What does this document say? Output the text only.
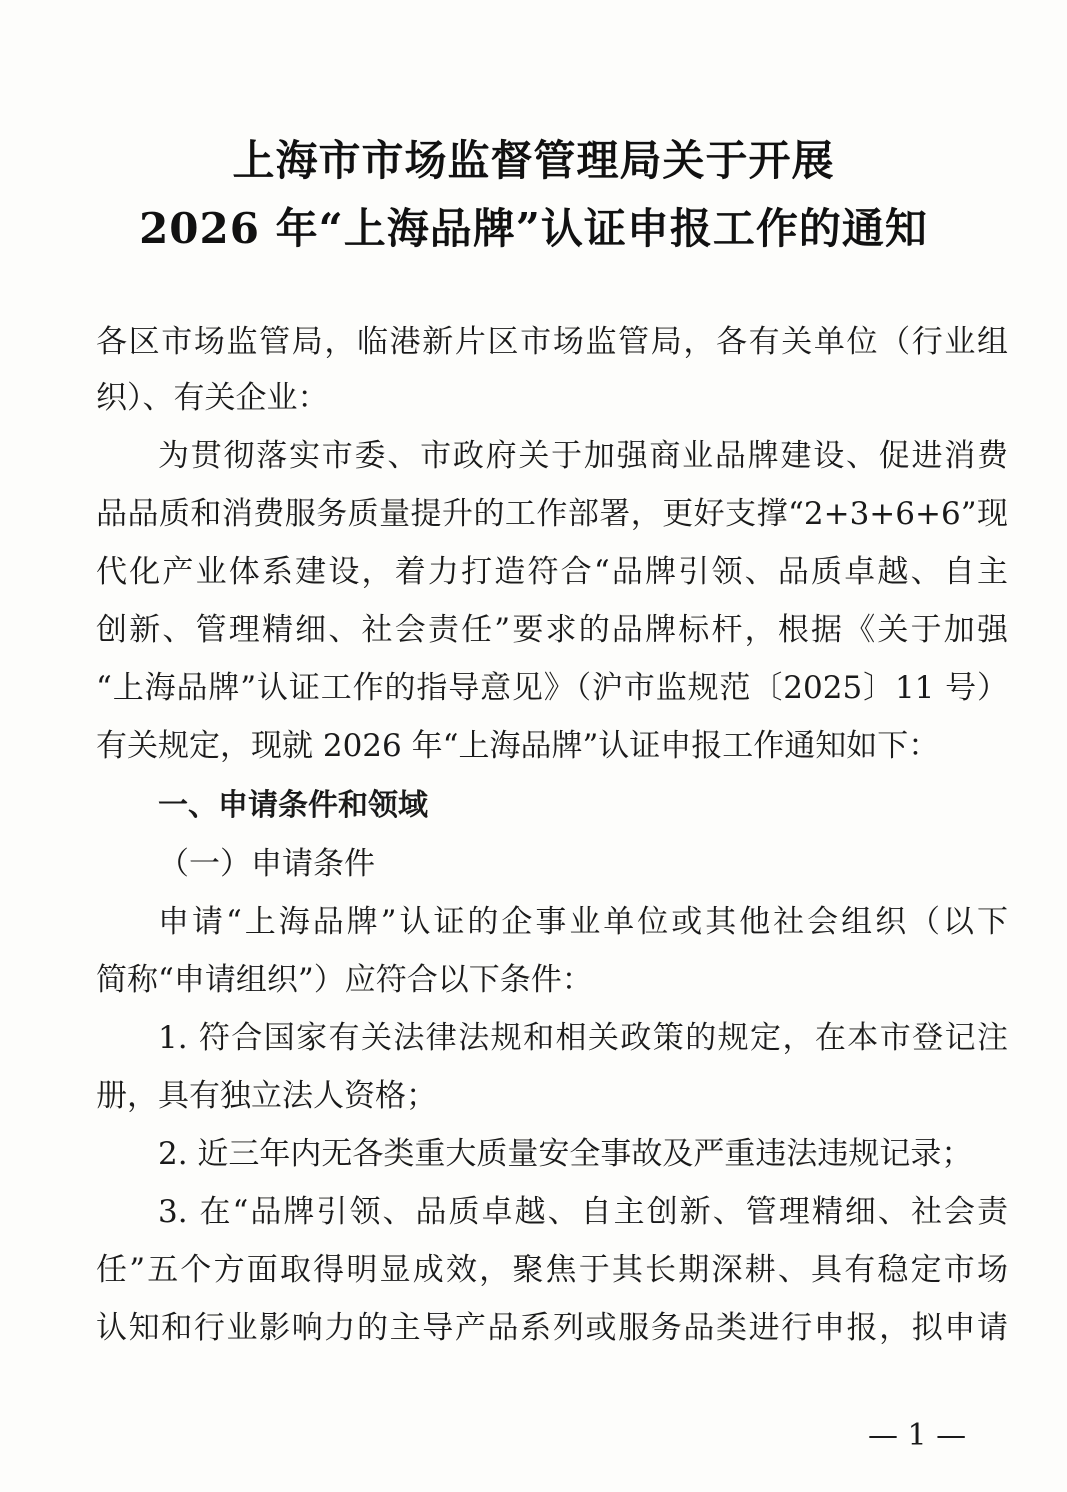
上海市市场监督管理局关于开展
2026 年“上海品牌”认证申报工作的通知
各区市场监管局，临港新片区市场监管局，各有关单位（行业组
织）、有关企业：
为贯彻落实市委、市政府关于加强商业品牌建设、促进消费
品品质和消费服务质量提升的工作部署，更好支撑“2+3+6+6”现
代化产业体系建设，着力打造符合“品牌引领、品质卓越、自主
创新、管理精细、社会责任”要求的品牌标杆，根据《关于加强
“上海品牌”认证工作的指导意见》（沪市监规范〔2025〕11 号）
有关规定，现就 2026 年“上海品牌”认证申报工作通知如下：
一、申请条件和领域
（一）申请条件
申请“上海品牌”认证的企事业单位或其他社会组织（以下
简称“申请组织”）应符合以下条件：
1. 符合国家有关法律法规和相关政策的规定，在本市登记注
册，具有独立法人资格；
2. 近三年内无各类重大质量安全事故及严重违法违规记录；
3. 在“品牌引领、品质卓越、自主创新、管理精细、社会责
任”五个方面取得明显成效，聚焦于其长期深耕、具有稳定市场
认知和行业影响力的主导产品系列或服务品类进行申报，拟申请
— 1 —
